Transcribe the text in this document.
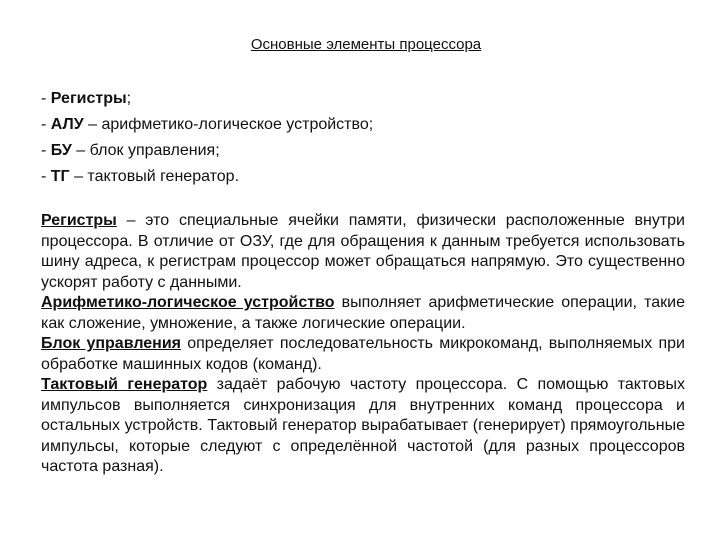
Основные элементы процессора
- Регистры;
- АЛУ – арифметико-логическое устройство;
- БУ – блок управления;
- ТГ – тактовый генератор.
Регистры – это специальные ячейки памяти, физически расположенные внутри процессора. В отличие от ОЗУ, где для обращения к данным требуется использовать шину адреса, к регистрам процессор может обращаться напрямую. Это существенно ускорят работу с данными.
Арифметико-логическое устройство выполняет арифметические операции, такие как сложение, умножение, а также логические операции.
Блок управления определяет последовательность микрокоманд, выполняемых при обработке машинных кодов (команд).
Тактовый генератор задаёт рабочую частоту процессора. С помощью тактовых импульсов выполняется синхронизация для внутренних команд процессора и остальных устройств. Тактовый генератор вырабатывает (генерирует) прямоугольные импульсы, которые следуют с определённой частотой (для разных процессоров частота разная).
